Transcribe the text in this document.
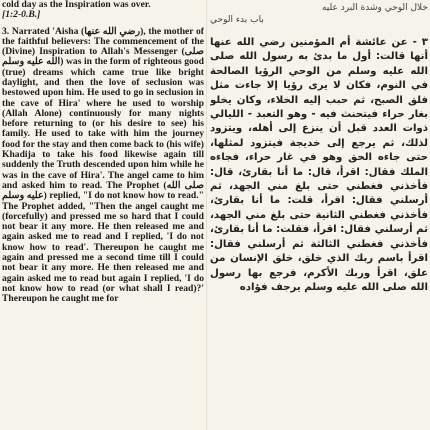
cold day as the Inspiration was over.

[1:2-0.B.]

3. Narrated 'Aisha (رضي الله عنها), the mother of the faithful believers: The commencement of the (Divine) Inspiration to Allah's Messenger (صلى الله عليه وسلم) was in the form of righteous good (true) dreams which came true like bright daylight, and then the love of seclusion was bestowed upon him. He used to go in seclusion in the cave of Hira' where he used to worship (Allah Alone) continuously for many nights before returning to (or his desire to see) his family. He used to take with him the journey food for the stay and then come back to (his wife) Khadija to take his food likewise again till suddenly the Truth descended upon him while he was in the cave of Hira'. The angel came to him and asked him to read. The Prophet (صلى الله عليه وسلم) replied, "I do not know how to read." The Prophet added, "Then the angel caught me (forcefully) and pressed me so hard that I could not bear it any more. He then released me and again asked me to read and I replied, 'I do not know how to read'. Thereupon he caught me again and pressed me a second time till I could not bear it any more. He then released me and again asked me to read but again I replied, 'I do not know how to read (or what shall I read)?' Thereupon he caught me for

خلال الوحي وشدة البرد عليه
باب بدء الوحي

٣ - عن عائشة أم المؤمنين رضي الله عنها أنها قالت: أول ما بدئ به رسول الله صلى الله عليه وسلم من الوحي الرؤيا الصالحة في النوم، فكان لا يرى رؤيا إلا جاءت مثل فلق الصبح، ثم حبب إليه الخلاء، وكان يخلو بغار حراء فيتحنث فيه - وهو التعبد - الليالي ذوات العدد قبل أن ينزع إلى أهله، ويتزود لذلك، ثم يرجع إلى خديجة فيتزود لمثلها، حتى جاءه الحق وهو في غار حراء، فجاءه الملك فقال: اقرأ، قال: ما أنا بقارئ، قال: فأخذني فغطني حتى بلغ مني الجهد، ثم أرسلني فقال: اقرأ، قلت: ما أنا بقارئ، فأخذني فغطني الثانية حتى بلغ مني الجهد، ثم أرسلني فقال: اقرأ، فقلت: ما أنا بقارئ، فأخذني فغطني الثالثة ثم أرسلني فقال: اقرأ باسم ربك الذي خلق، خلق الإنسان من علق، اقرأ وربك الأكرم، فرجع بها رسول الله صلى الله عليه وسلم يرجف فؤاده
